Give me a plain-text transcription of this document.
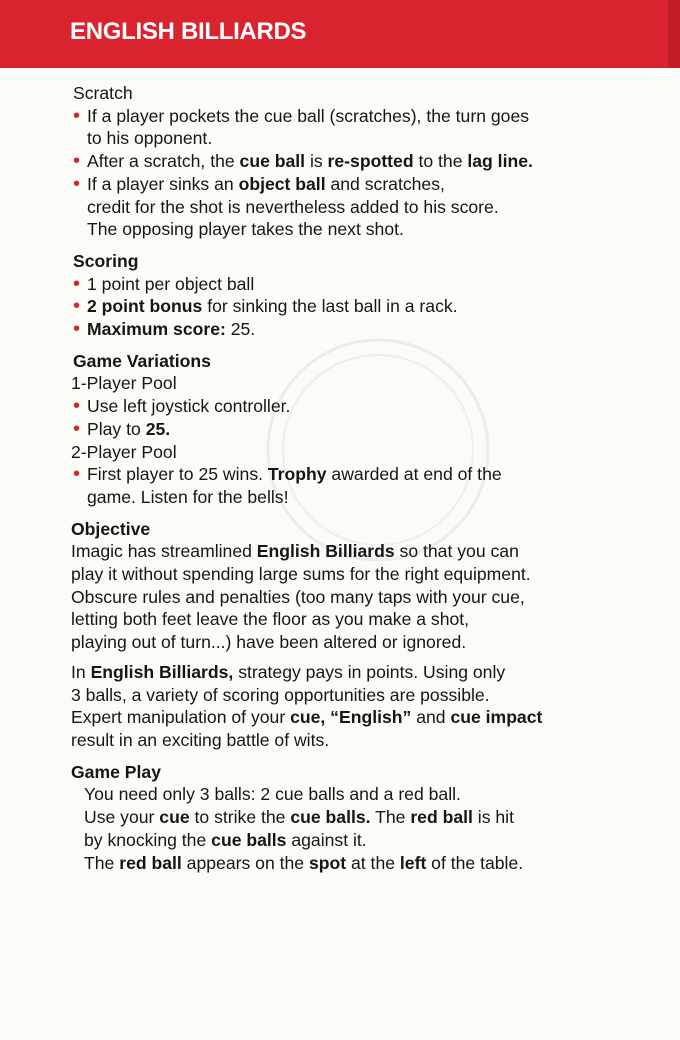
ENGLISH BILLIARDS
Scratch
• If a player pockets the cue ball (scratches), the turn goes
to his opponent.
• After a scratch, the cue ball is re-spotted to the lag line.
• If a player sinks an object ball and scratches,
credit for the shot is nevertheless added to his score.
The opposing player takes the next shot.
Scoring
• 1 point per object ball
• 2 point bonus for sinking the last ball in a rack.
• Maximum score: 25.
Game Variations
1-Player Pool
• Use left joystick controller.
• Play to 25.
2-Player Pool
• First player to 25 wins. Trophy awarded at end of the
game. Listen for the bells!
Objective
Imagic has streamlined English Billiards so that you can
play it without spending large sums for the right equipment.
Obscure rules and penalties (too many taps with your cue,
letting both feet leave the floor as you make a shot,
playing out of turn...) have been altered or ignored.
In English Billiards, strategy pays in points. Using only
3 balls, a variety of scoring opportunities are possible.
Expert manipulation of your cue, “English” and cue impact
result in an exciting battle of wits.
Game Play
You need only 3 balls: 2 cue balls and a red ball.
Use your cue to strike the cue balls. The red ball is hit
by knocking the cue balls against it.
The red ball appears on the spot at the left of the table.
